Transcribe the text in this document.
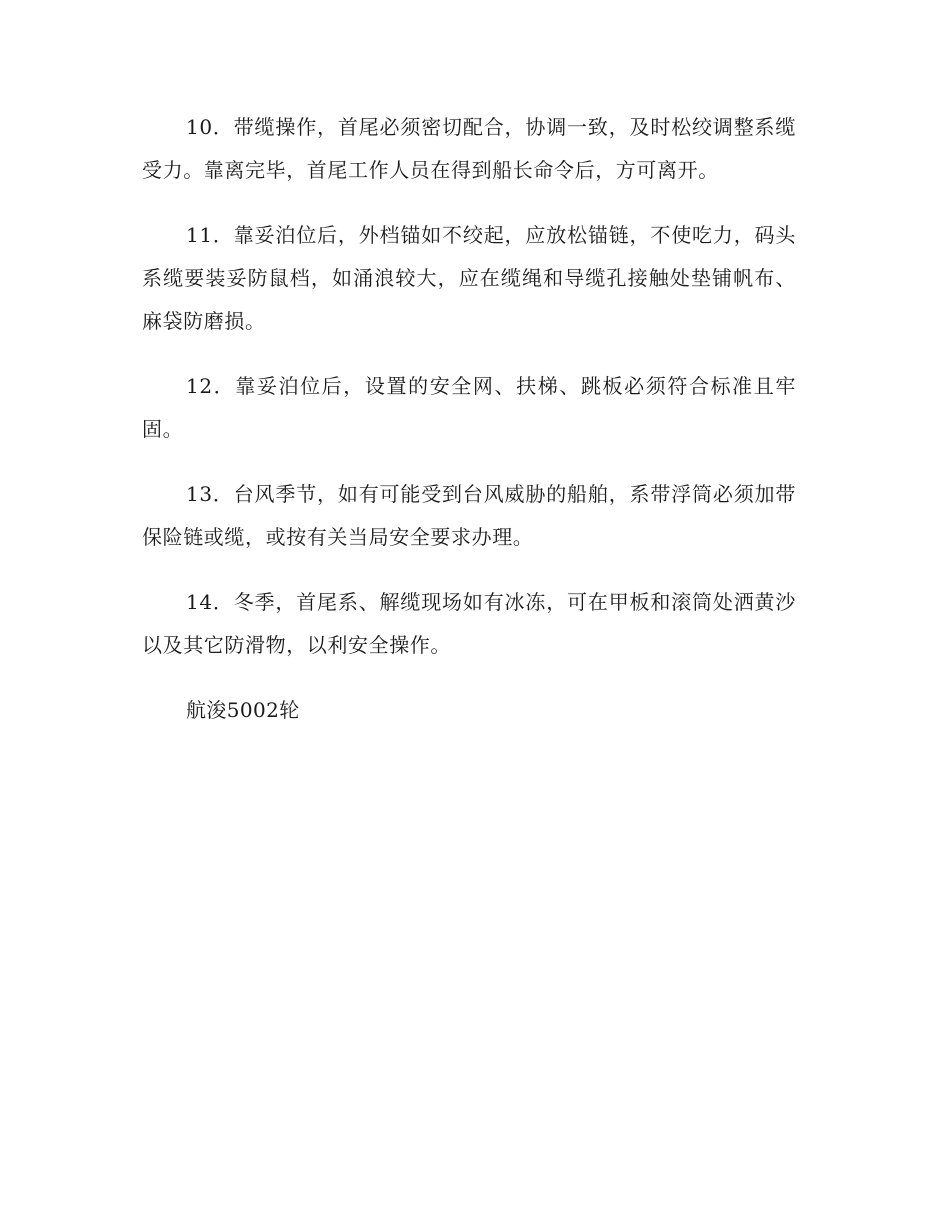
10．带缆操作，首尾必须密切配合，协调一致，及时松绞调整系缆受力。靠离完毕，首尾工作人员在得到船长命令后，方可离开。

11．靠妥泊位后，外档锚如不绞起，应放松锚链，不使吃力，码头系缆要装妥防鼠档，如涌浪较大，应在缆绳和导缆孔接触处垫铺帆布、麻袋防磨损。

12．靠妥泊位后，设置的安全网、扶梯、跳板必须符合标准且牢固。

13．台风季节，如有可能受到台风威胁的船舶，系带浮筒必须加带保险链或缆，或按有关当局安全要求办理。

14．冬季，首尾系、解缆现场如有冰冻，可在甲板和滚筒处洒黄沙以及其它防滑物，以利安全操作。

航浚5002轮
